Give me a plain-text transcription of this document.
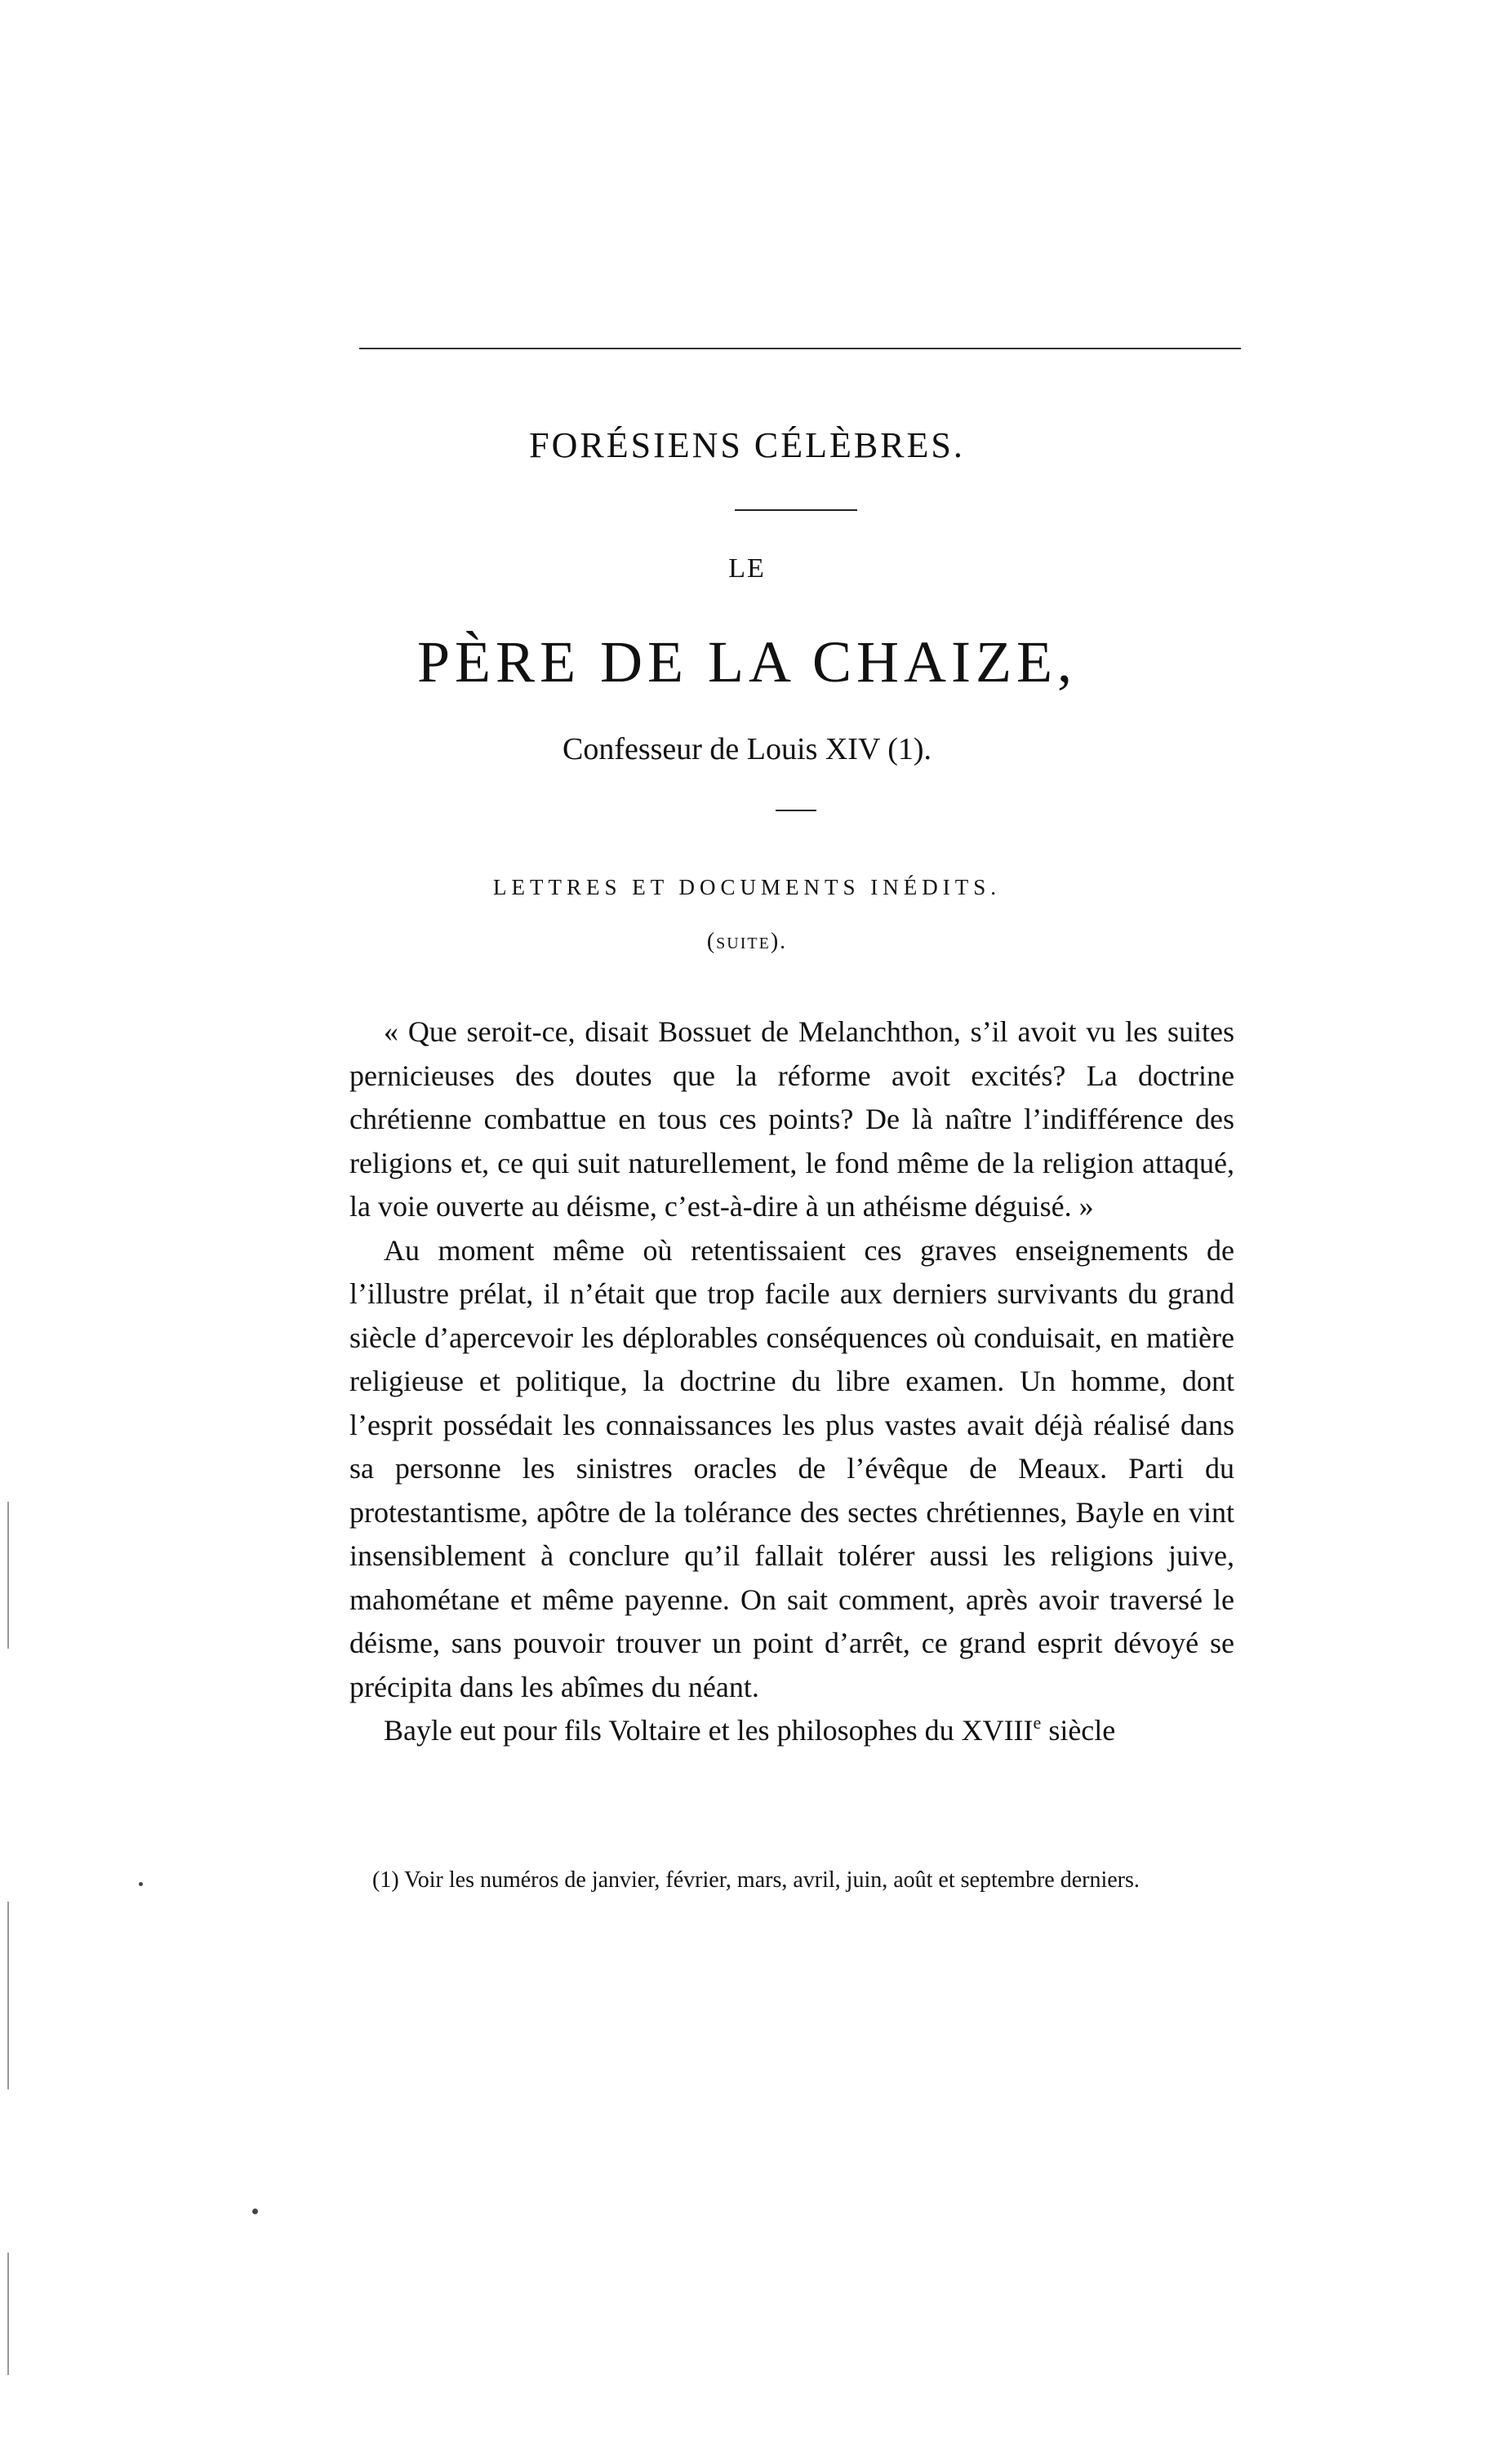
FORÉSIENS CÉLÈBRES.
LE
PÈRE DE LA CHAIZE,
Confesseur de Louis XIV (1).
LETTRES ET DOCUMENTS INÉDITS.
(suite).

« Que seroit-ce, disait Bossuet de Melanchthon, s’il avoit vu les suites pernicieuses des doutes que la réforme avoit excités? La doctrine chrétienne combattue en tous ces points? De là naître l’indifférence des religions et, ce qui suit naturellement, le fond même de la religion attaqué, la voie ouverte au déisme, c’est-à-dire à un athéisme déguisé. »

Au moment même où retentissaient ces graves enseignements de l’illustre prélat, il n’était que trop facile aux derniers survivants du grand siècle d’apercevoir les déplorables conséquences où conduisait, en matière religieuse et politique, la doctrine du libre examen. Un homme, dont l’esprit possédait les connaissances les plus vastes avait déjà réalisé dans sa personne les sinistres oracles de l’évêque de Meaux. Parti du protestantisme, apôtre de la tolérance des sectes chrétiennes, Bayle en vint insensiblement à conclure qu’il fallait tolérer aussi les religions juive, mahométane et même payenne. On sait comment, après avoir traversé le déisme, sans pouvoir trouver un point d’arrêt, ce grand esprit dévoyé se précipita dans les abîmes du néant.

Bayle eut pour fils Voltaire et les philosophes du XVIIIe siècle

(1) Voir les numéros de janvier, février, mars, avril, juin, août et septembre derniers.
